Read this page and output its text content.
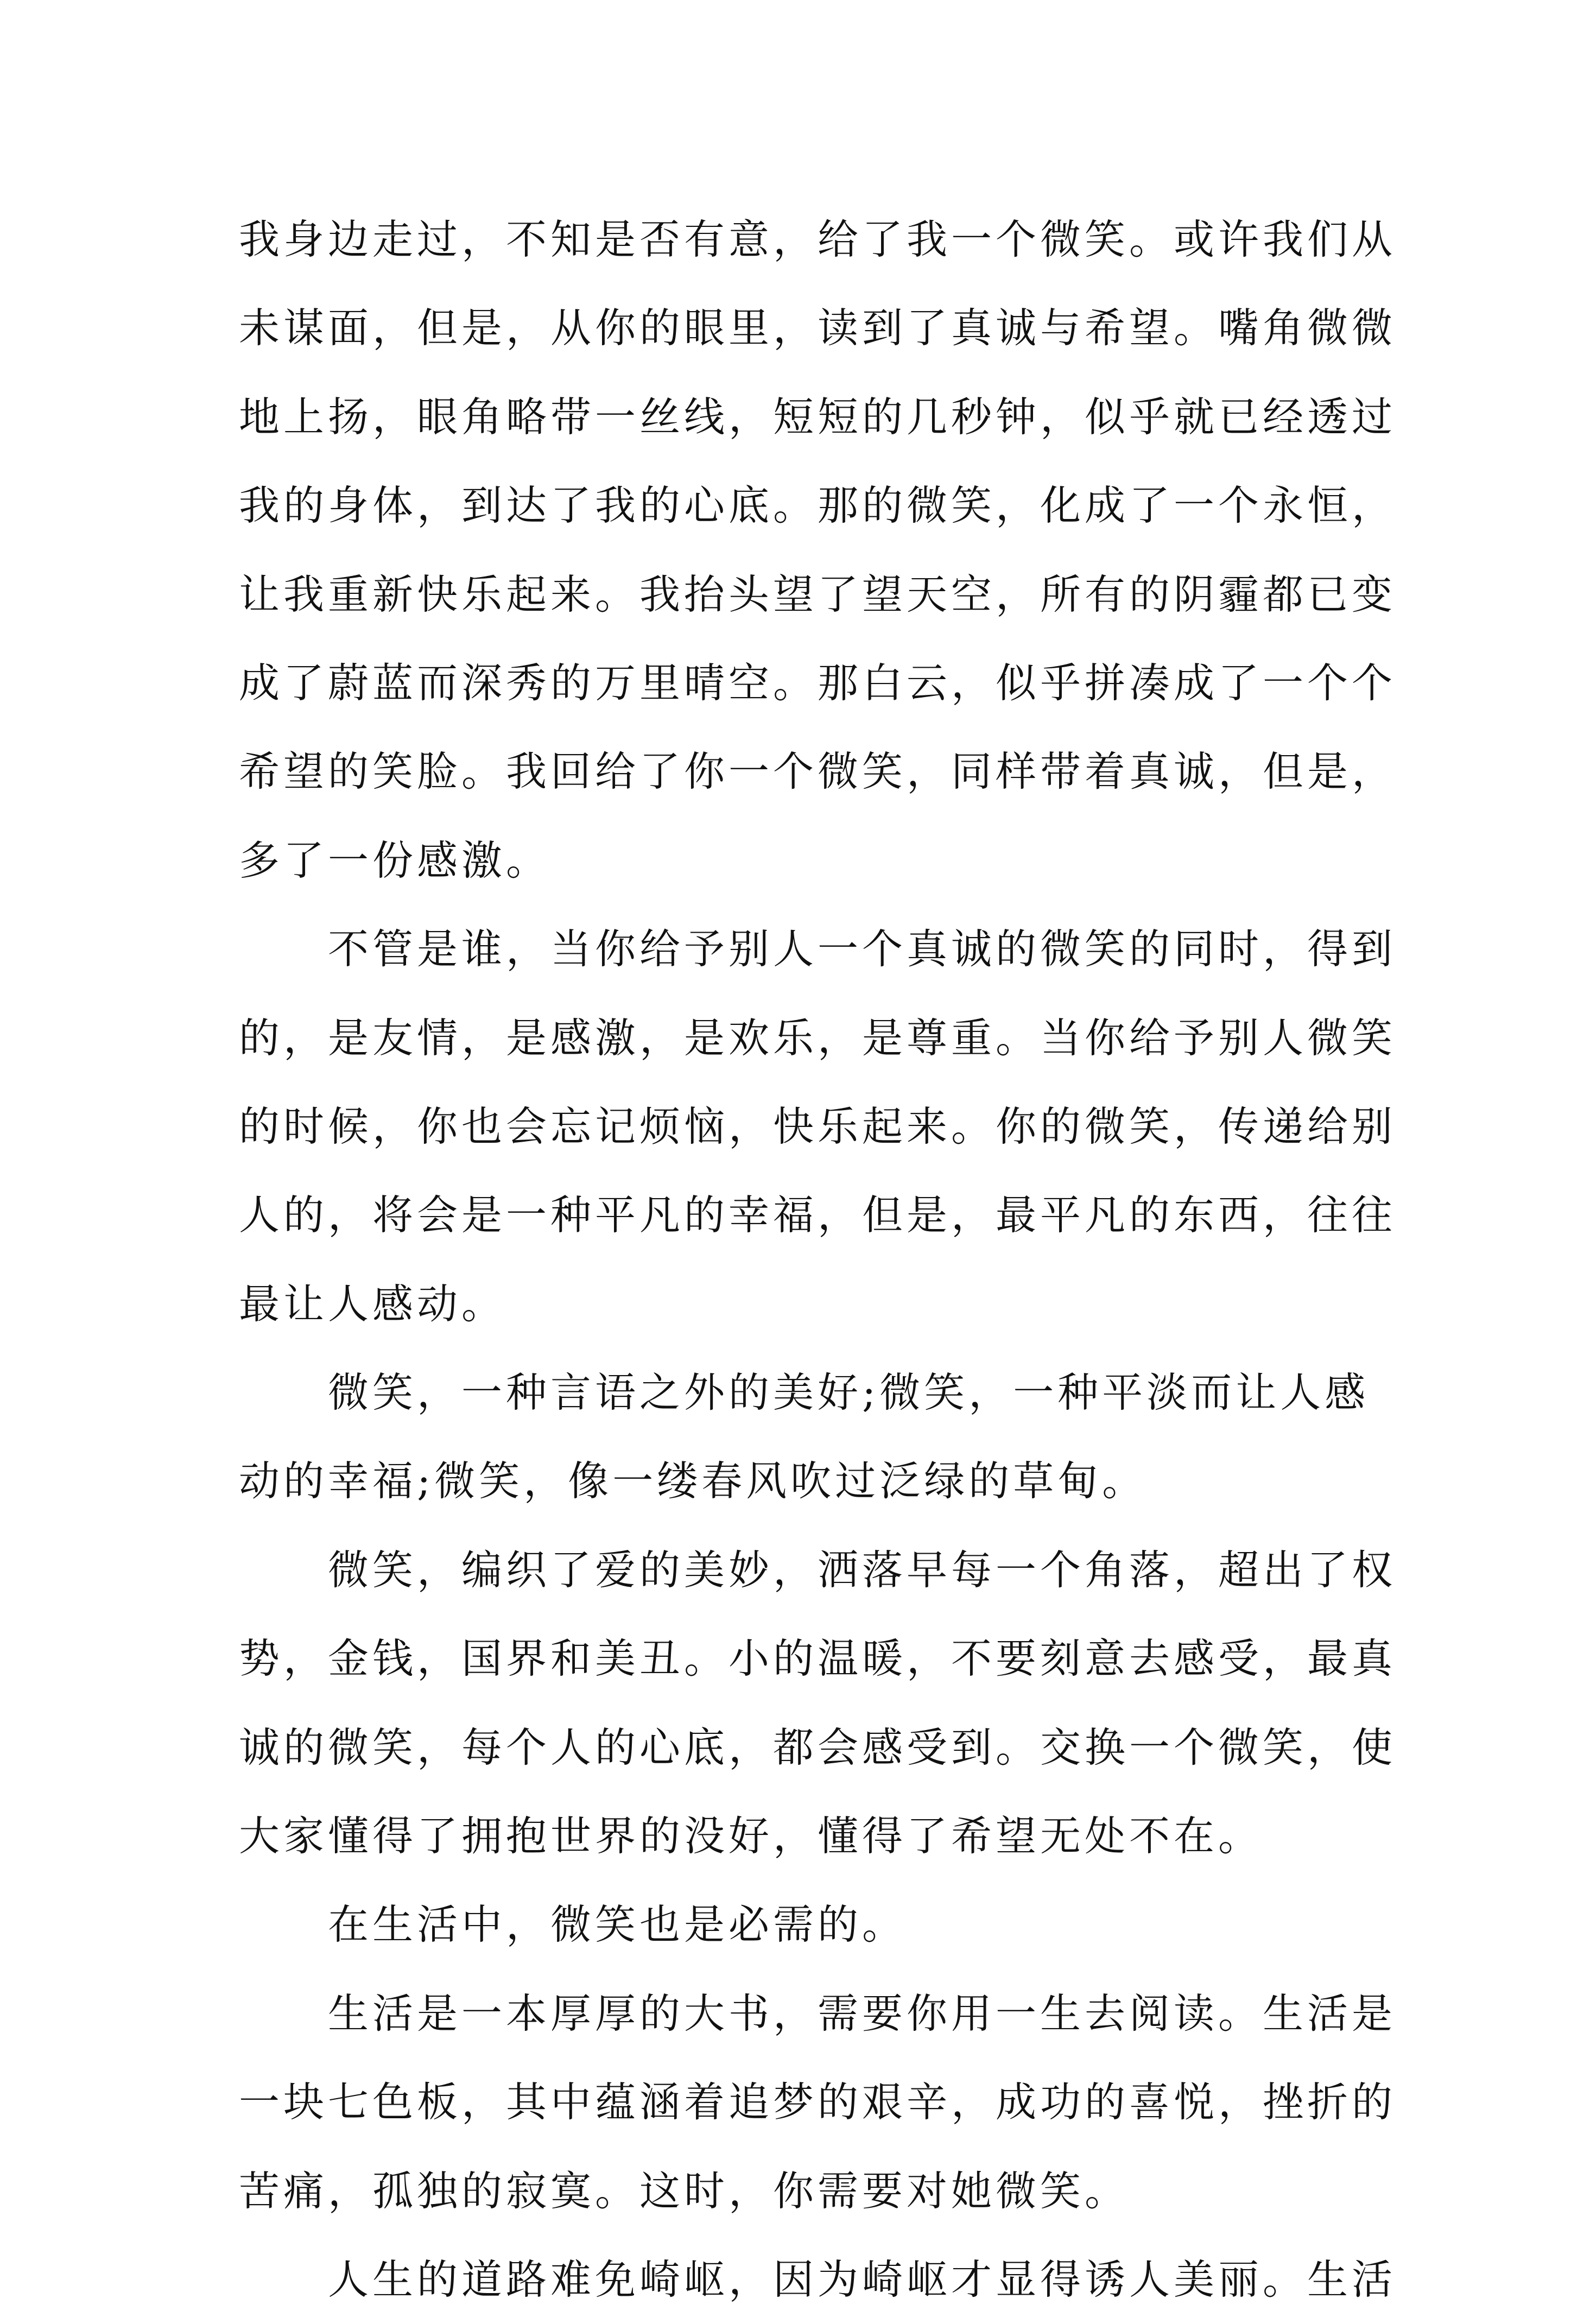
我身边走过，不知是否有意，给了我一个微笑。或许我们从
未谋面，但是，从你的眼里，读到了真诚与希望。嘴角微微
地上扬，眼角略带一丝线，短短的几秒钟，似乎就已经透过
我的身体，到达了我的心底。那的微笑，化成了一个永恒，
让我重新快乐起来。我抬头望了望天空，所有的阴霾都已变
成了蔚蓝而深秀的万里晴空。那白云，似乎拼凑成了一个个
希望的笑脸。我回给了你一个微笑，同样带着真诚，但是，
多了一份感激。
不管是谁，当你给予别人一个真诚的微笑的同时，得到
的，是友情，是感激，是欢乐，是尊重。当你给予别人微笑
的时候，你也会忘记烦恼，快乐起来。你的微笑，传递给别
人的，将会是一种平凡的幸福，但是，最平凡的东西，往往
最让人感动。
微笑，一种言语之外的美好;微笑，一种平淡而让人感
动的幸福;微笑，像一缕春风吹过泛绿的草甸。
微笑，编织了爱的美妙，洒落早每一个角落，超出了权
势，金钱，国界和美丑。小的温暖，不要刻意去感受，最真
诚的微笑，每个人的心底，都会感受到。交换一个微笑，使
大家懂得了拥抱世界的没好，懂得了希望无处不在。
在生活中，微笑也是必需的。
生活是一本厚厚的大书，需要你用一生去阅读。生活是
一块七色板，其中蕴涵着追梦的艰辛，成功的喜悦，挫折的
苦痛，孤独的寂寞。这时，你需要对她微笑。
人生的道路难免崎岖，因为崎岖才显得诱人美丽。生活
